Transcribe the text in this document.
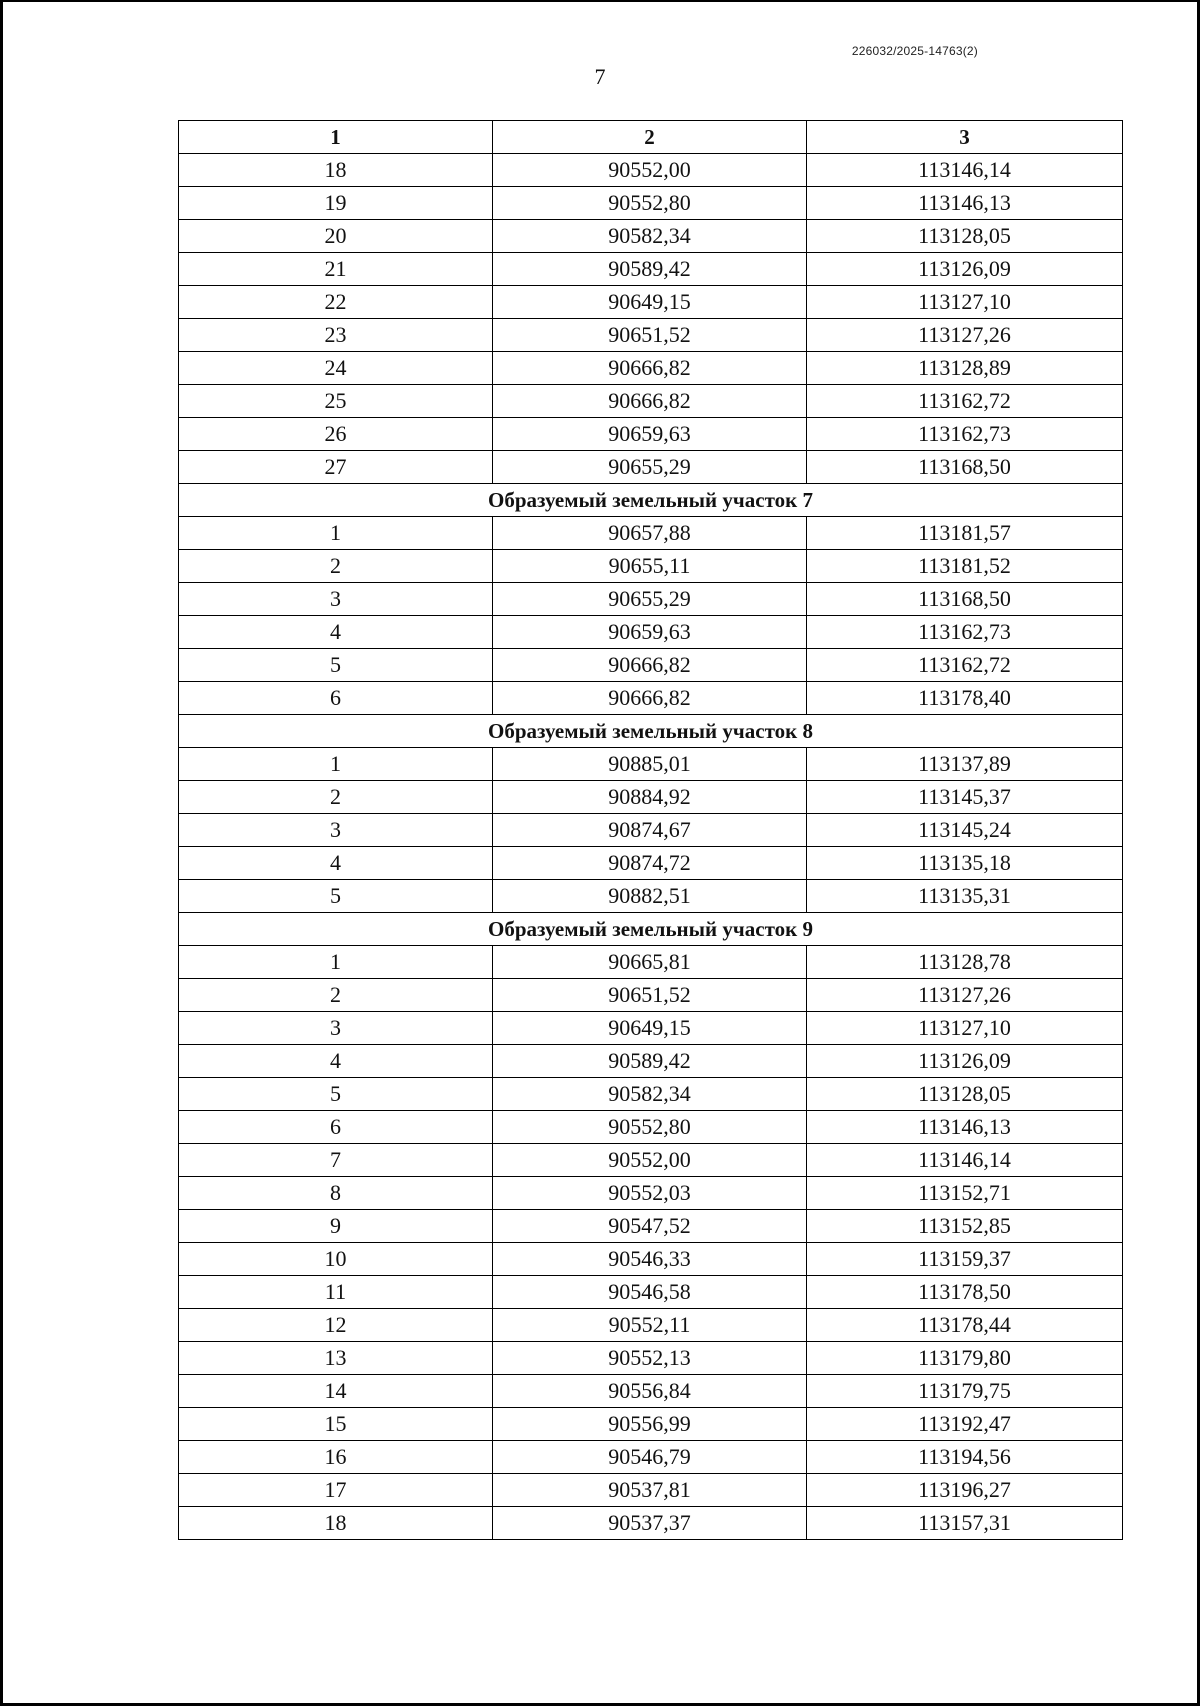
226032/2025-14763(2)
7
1	2	3
18	90552,00	113146,14
19	90552,80	113146,13
20	90582,34	113128,05
21	90589,42	113126,09
22	90649,15	113127,10
23	90651,52	113127,26
24	90666,82	113128,89
25	90666,82	113162,72
26	90659,63	113162,73
27	90655,29	113168,50
Образуемый земельный участок 7		
1	90657,88	113181,57
2	90655,11	113181,52
3	90655,29	113168,50
4	90659,63	113162,73
5	90666,82	113162,72
6	90666,82	113178,40
Образуемый земельный участок 8		
1	90885,01	113137,89
2	90884,92	113145,37
3	90874,67	113145,24
4	90874,72	113135,18
5	90882,51	113135,31
Образуемый земельный участок 9		
1	90665,81	113128,78
2	90651,52	113127,26
3	90649,15	113127,10
4	90589,42	113126,09
5	90582,34	113128,05
6	90552,80	113146,13
7	90552,00	113146,14
8	90552,03	113152,71
9	90547,52	113152,85
10	90546,33	113159,37
11	90546,58	113178,50
12	90552,11	113178,44
13	90552,13	113179,80
14	90556,84	113179,75
15	90556,99	113192,47
16	90546,79	113194,56
17	90537,81	113196,27
18	90537,37	113157,31
